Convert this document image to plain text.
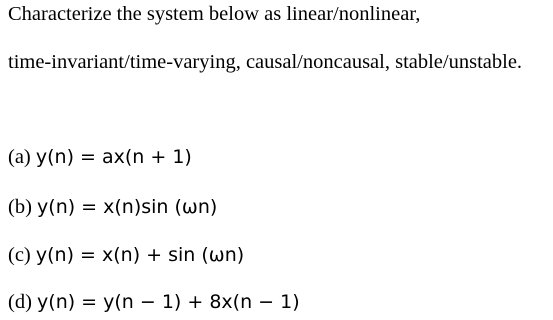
Characterize the system below as linear/nonlinear,
time-invariant/time-varying, causal/noncausal, stable/unstable.
(a) y(n) = ax(n + 1)
(b) y(n) = x(n)sin (ωn)
(c) y(n) = x(n) + sin (ωn)
(d) y(n) = y(n − 1) + 8x(n − 1)
